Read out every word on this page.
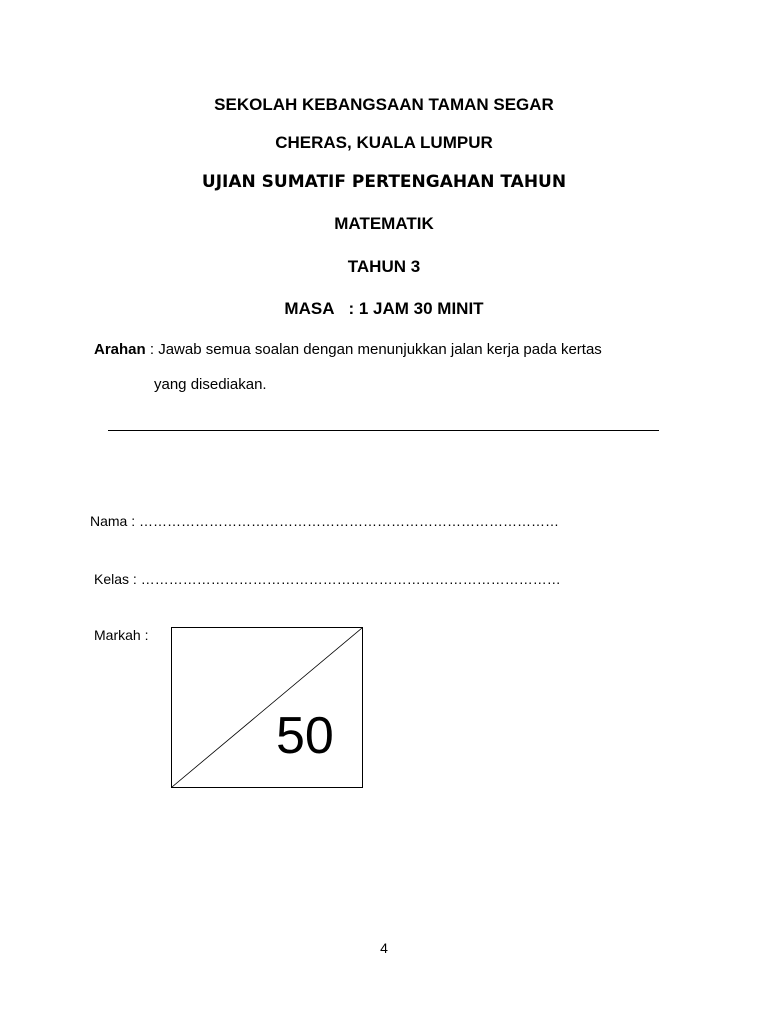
SEKOLAH KEBANGSAAN TAMAN SEGAR
CHERAS, KUALA LUMPUR
UJIAN SUMATIF PERTENGAHAN TAHUN
MATEMATIK
TAHUN 3
MASA : 1 JAM 30 MINIT
Arahan : Jawab semua soalan dengan menunjukkan jalan kerja pada kertas
yang disediakan.
Nama : ………………………………………………………………………………
Kelas : ………………………………………………………………………………
Markah :
50
4
